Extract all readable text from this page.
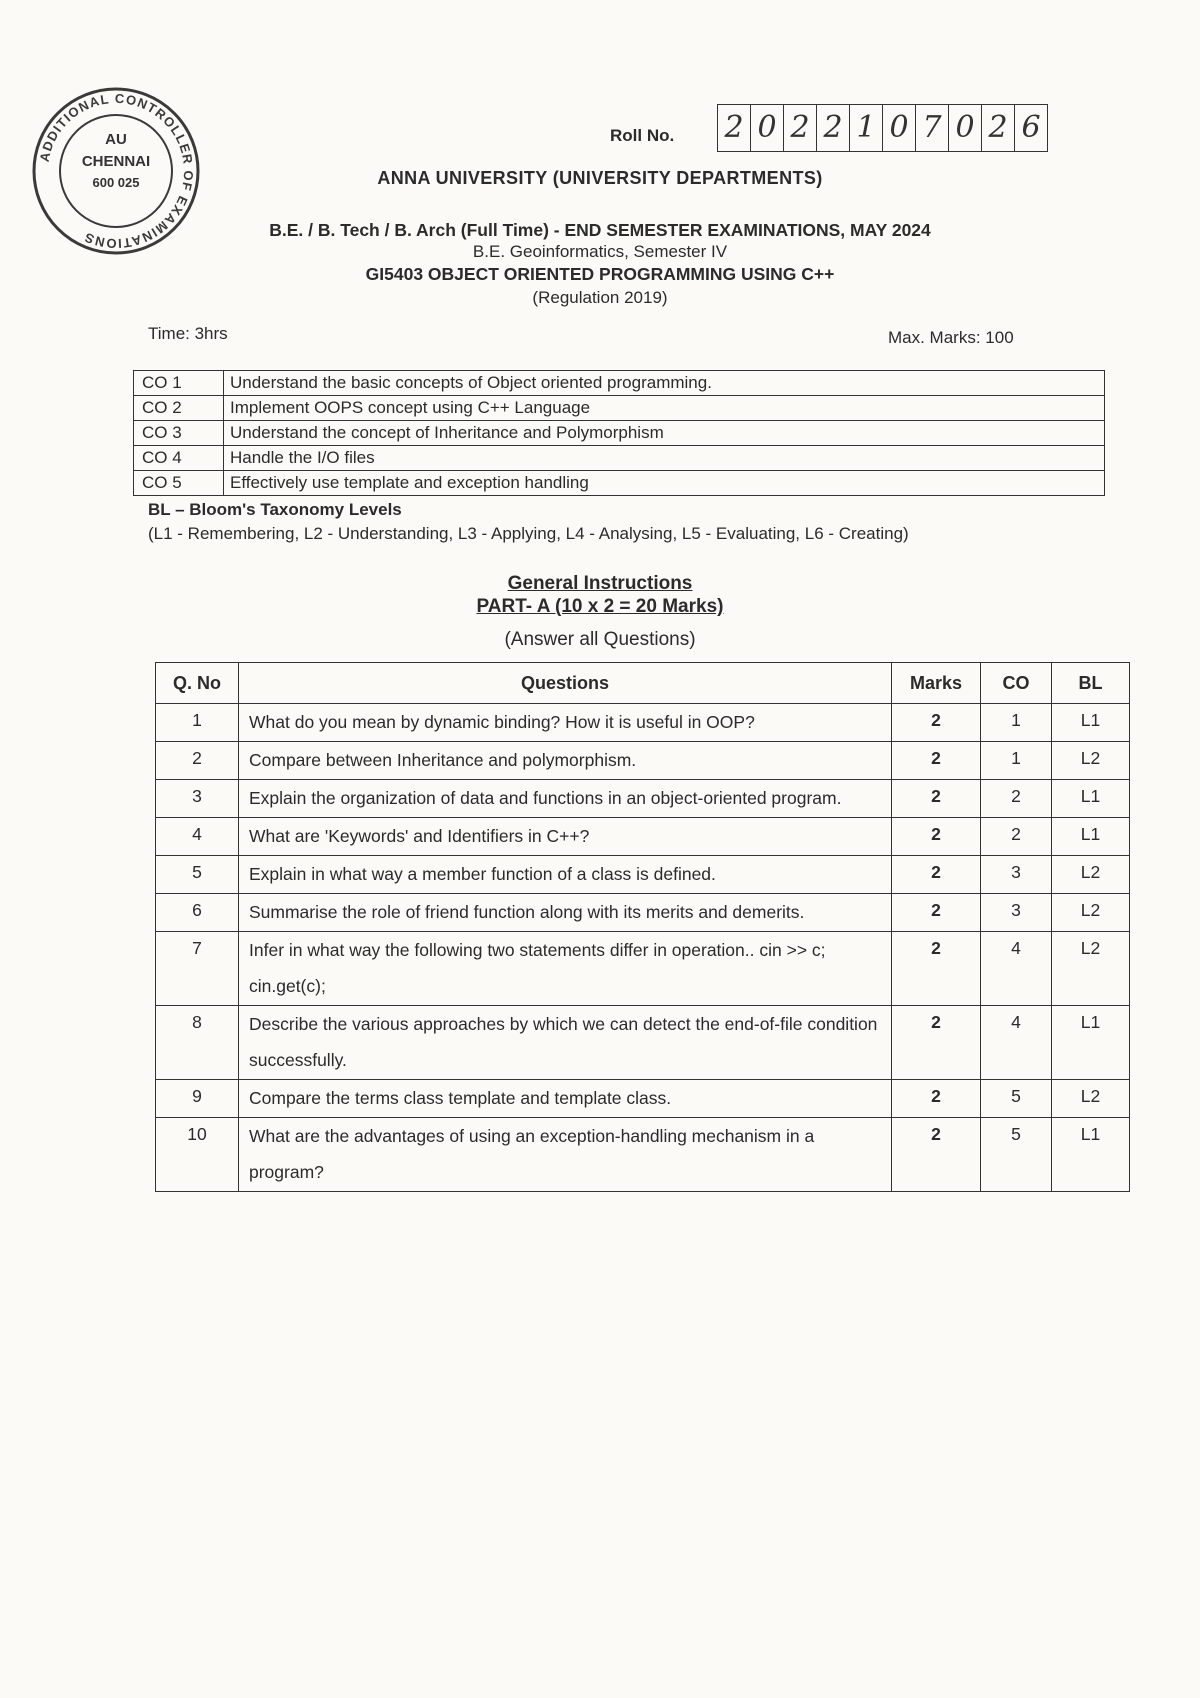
ADDITIONAL CONTROLLER OF EXAMINATIONS
AU
CHENNAI
600 025
Roll No. 2 0 2 2 1 0 7 0 2 6
ANNA UNIVERSITY (UNIVERSITY DEPARTMENTS)
B.E. / B. Tech / B. Arch (Full Time) - END SEMESTER EXAMINATIONS, MAY 2024
B.E. Geoinformatics, Semester IV
GI5403 OBJECT ORIENTED PROGRAMMING USING C++
(Regulation 2019)
Time: 3hrs	Max. Marks: 100
CO 1	Understand the basic concepts of Object oriented programming.
CO 2	Implement OOPS concept using C++ Language
CO 3	Understand the concept of Inheritance and Polymorphism
CO 4	Handle the I/O files
CO 5	Effectively use template and exception handling
BL – Bloom's Taxonomy Levels
(L1 - Remembering, L2 - Understanding, L3 - Applying, L4 - Analysing, L5 - Evaluating, L6 - Creating)
General Instructions
PART- A (10 x 2 = 20 Marks)
(Answer all Questions)
Q. No	Questions	Marks	CO	BL
1	What do you mean by dynamic binding? How it is useful in OOP?	2	1	L1
2	Compare between Inheritance and polymorphism.	2	1	L2
3	Explain the organization of data and functions in an object-oriented program.	2	2	L1
4	What are 'Keywords' and Identifiers in C++?	2	2	L1
5	Explain in what way a member function of a class is defined.	2	3	L2
6	Summarise the role of friend function along with its merits and demerits.	2	3	L2
7	Infer in what way the following two statements differ in operation.. cin >> c; cin.get(c);	2	4	L2
8	Describe the various approaches by which we can detect the end-of-file condition successfully.	2	4	L1
9	Compare the terms class template and template class.	2	5	L2
10	What are the advantages of using an exception-handling mechanism in a program?	2	5	L1
